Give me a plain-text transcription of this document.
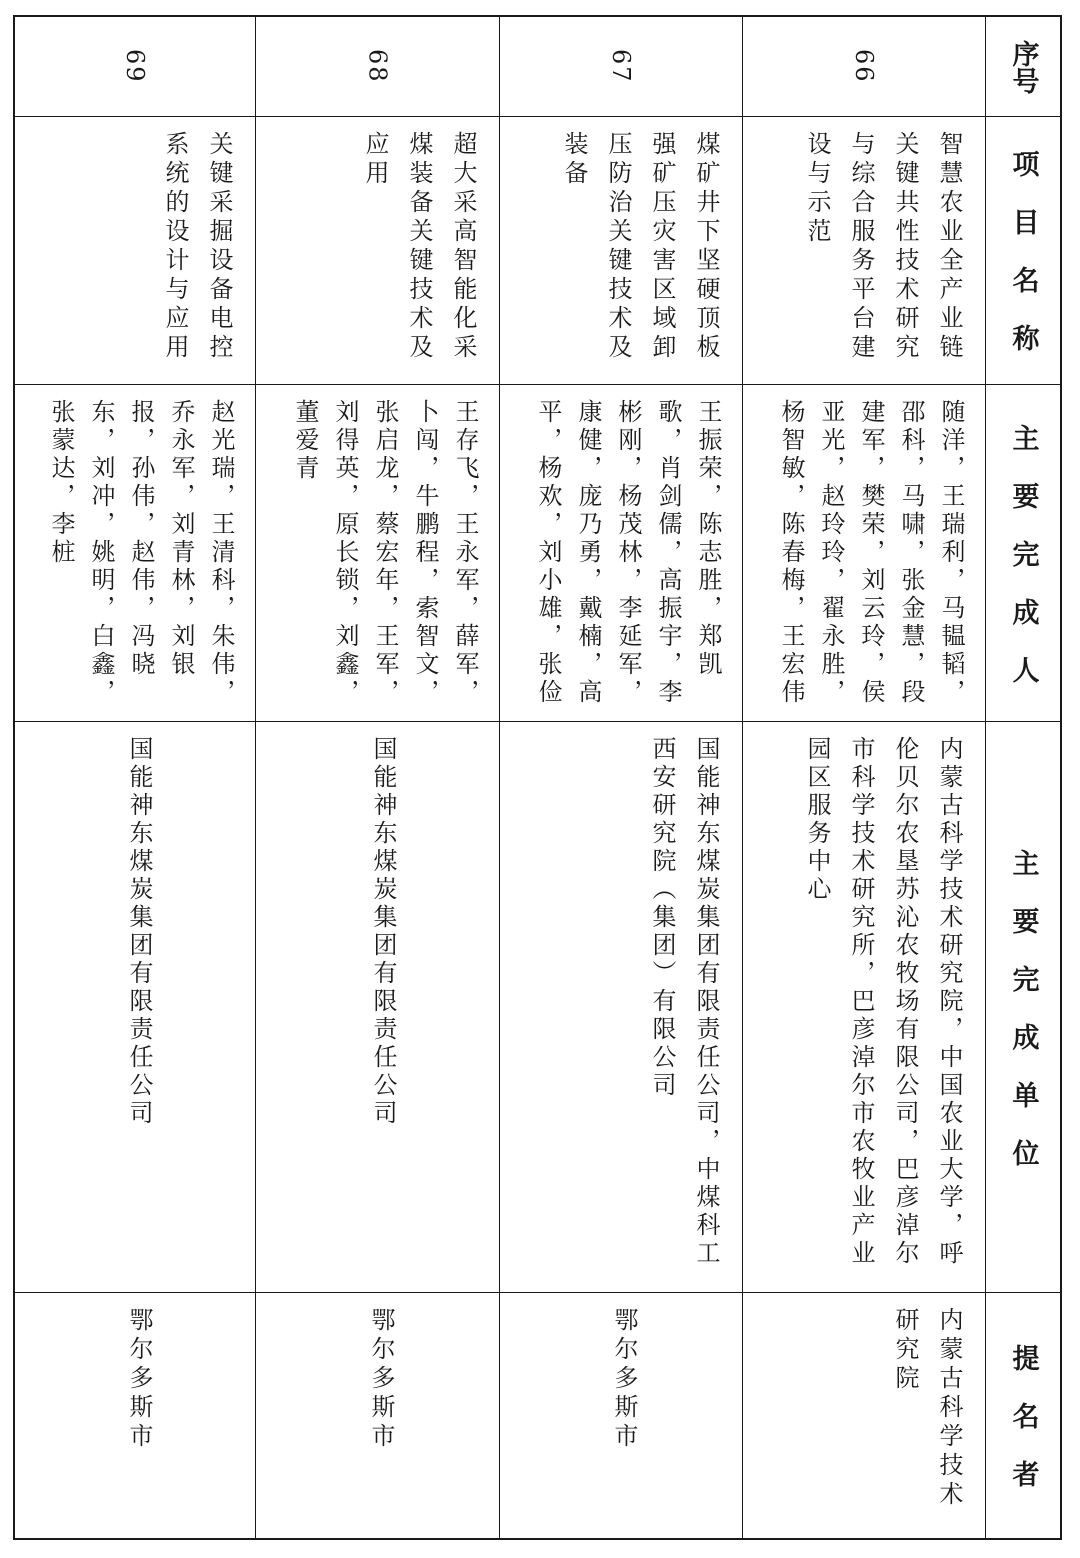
序号
项 目 名 称
主 要 完 成 人
主 要 完 成 单 位
提 名 者
66
智慧农业全产业链关键共性技术研究与综合服务平台建设与示范
随洋，王瑞利，马韫韬，邵科，马啸，张金慧，段建军，樊荣，刘云玲，侯亚光，赵玲玲，翟永胜，杨智敏，陈春梅，王宏伟
内蒙古科学技术研究院，中国农业大学，呼伦贝尔农垦苏沁农牧场有限公司，巴彦淖尔市科学技术研究所，巴彦淖尔市农牧业产业园区服务中心
内蒙古科学技术研究院
67
煤矿井下坚硬顶板强矿压灾害区域卸压防治关键技术及装备
王振荣，陈志胜，郑凯歌，肖剑儒，高振宇，李彬刚，杨茂林，李延军，康健，庞乃勇，戴楠，高平，杨欢，刘小雄，张俭
国能神东煤炭集团有限责任公司，中煤科工西安研究院（集团）有限公司
鄂尔多斯市
68
超大采高智能化采煤装备关键技术及应用
王存飞，王永军，薛军，卜闯，牛鹏程，索智文，张启龙，蔡宏年，王军，刘得英，原长锁，刘鑫，董爱青
国能神东煤炭集团有限责任公司
鄂尔多斯市
69
关键采掘设备电控系统的设计与应用
赵光瑞，王清科，朱伟，乔永军，刘青林，刘银报，孙伟，赵伟，冯晓东，刘冲，姚明，白鑫，张蒙达，李桩
国能神东煤炭集团有限责任公司
鄂尔多斯市
